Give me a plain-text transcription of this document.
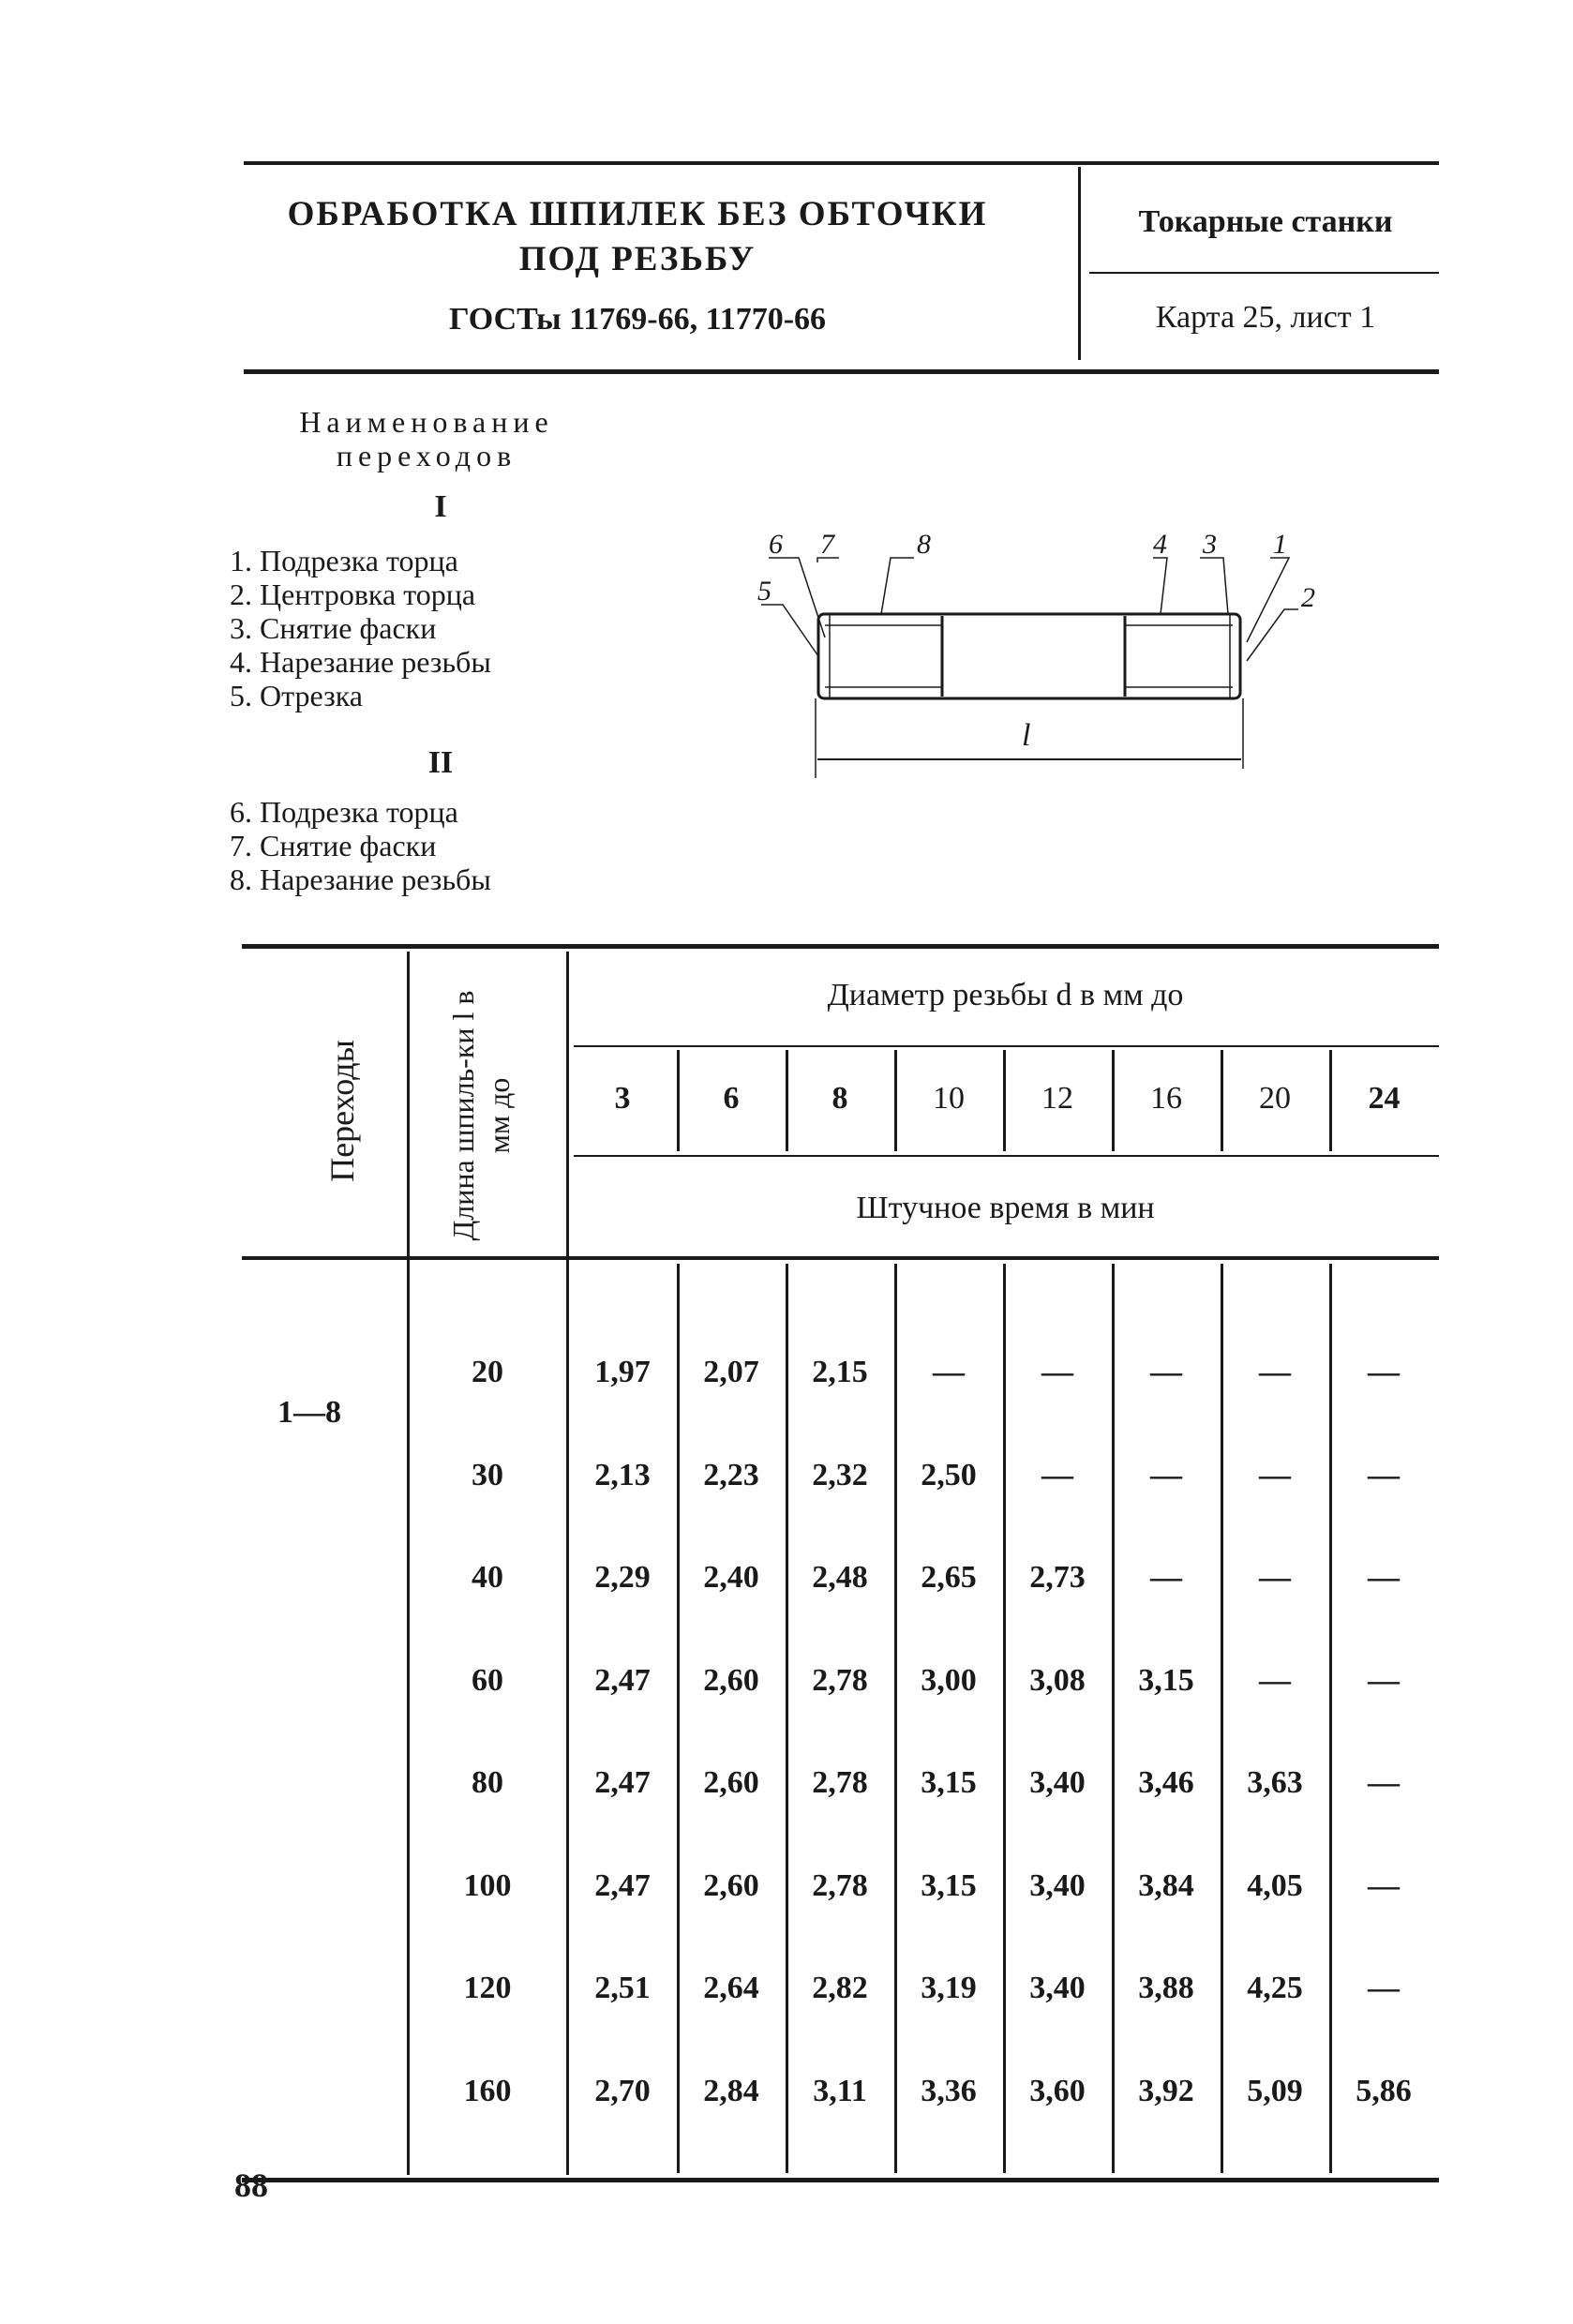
ОБРАБОТКА ШПИЛЕК БЕЗ ОБТОЧКИ
ПОД РЕЗЬБУ
ГОСТы 11769-66, 11770-66
Токарные станки
Карта 25, лист 1
Наименование
переходов
I
1. Подрезка торца
2. Центровка торца
3. Снятие фаски
4. Нарезание резьбы
5. Отрезка
II
6. Подрезка торца
7. Снятие фаски
8. Нарезание резьбы
6 7	8	4 3 1
5	2
l
Переходы	Длина шпиль-ки l в мм до
Диаметр резьбы d в мм до
Штучное время в мин
3	6	8	10	12	16	20	24
1—8
20	1,97	2,07	2,15	—	—	—	—	—
30	2,13	2,23	2,32	2,50	—	—	—	—
40	2,29	2,40	2,48	2,65	2,73	—	—	—
60	2,47	2,60	2,78	3,00	3,08	3,15	—	—
80	2,47	2,60	2,78	3,15	3,40	3,46	3,63	—
100	2,47	2,60	2,78	3,15	3,40	3,84	4,05	—
120	2,51	2,64	2,82	3,19	3,40	3,88	4,25	—
160	2,70	2,84	3,11	3,36	3,60	3,92	5,09	5,86
88
